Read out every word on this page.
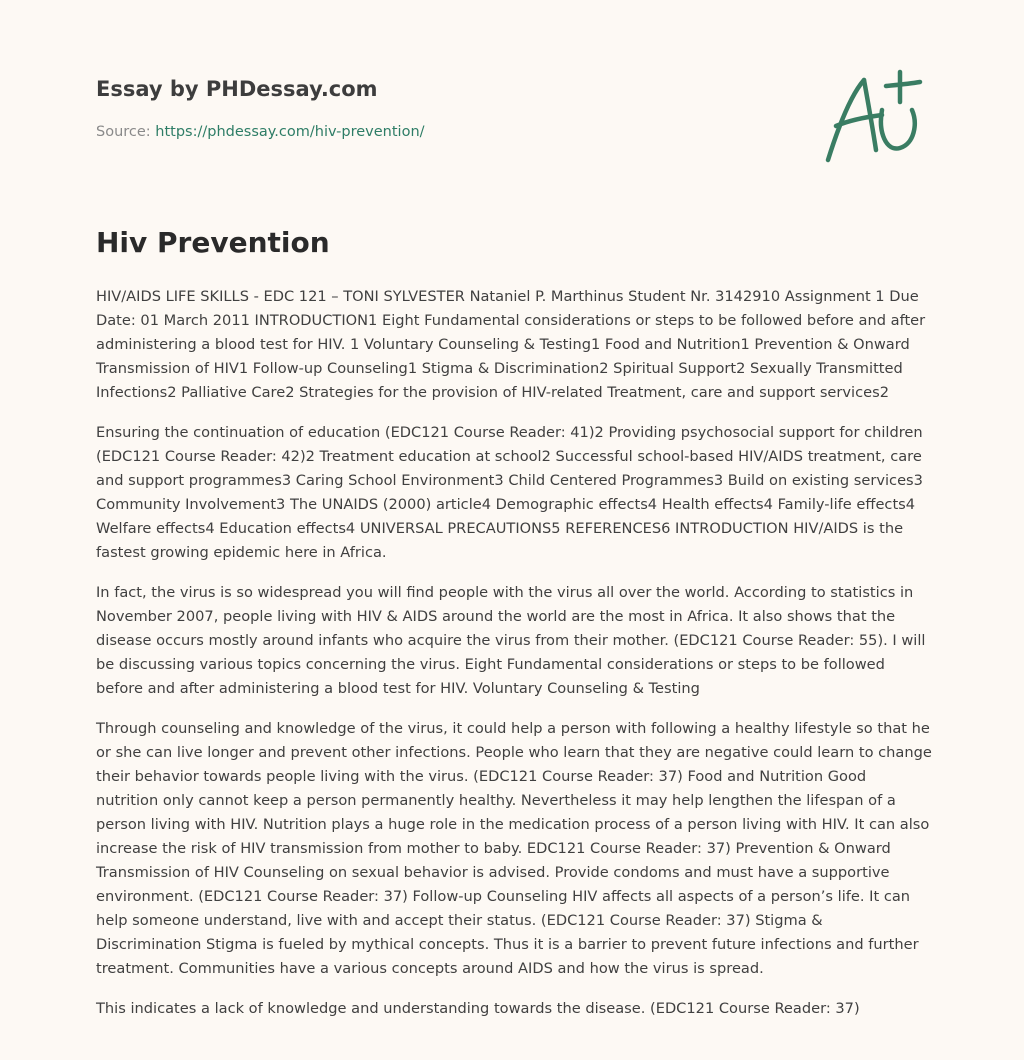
Essay by PHDessay.com
Source: https://phdessay.com/hiv-prevention/
Hiv Prevention

HIV/AIDS LIFE SKILLS - EDC 121 – TONI SYLVESTER Nataniel P. Marthinus Student Nr. 3142910 Assignment 1 Due Date: 01 March 2011 INTRODUCTION1 Eight Fundamental considerations or steps to be followed before and after administering a blood test for HIV. 1 Voluntary Counseling & Testing1 Food and Nutrition1 Prevention & Onward Transmission of HIV1 Follow-up Counseling1 Stigma & Discrimination2 Spiritual Support2 Sexually Transmitted Infections2 Palliative Care2 Strategies for the provision of HIV-related Treatment, care and support services2

Ensuring the continuation of education (EDC121 Course Reader: 41)2 Providing psychosocial support for children (EDC121 Course Reader: 42)2 Treatment education at school2 Successful school-based HIV/AIDS treatment, care and support programmes3 Caring School Environment3 Child Centered Programmes3 Build on existing services3 Community Involvement3 The UNAIDS (2000) article4 Demographic effects4 Health effects4 Family-life effects4 Welfare effects4 Education effects4 UNIVERSAL PRECAUTIONS5 REFERENCES6 INTRODUCTION HIV/AIDS is the fastest growing epidemic here in Africa.

In fact, the virus is so widespread you will find people with the virus all over the world. According to statistics in November 2007, people living with HIV & AIDS around the world are the most in Africa. It also shows that the disease occurs mostly around infants who acquire the virus from their mother. (EDC121 Course Reader: 55). I will be discussing various topics concerning the virus. Eight Fundamental considerations or steps to be followed before and after administering a blood test for HIV. Voluntary Counseling & Testing

Through counseling and knowledge of the virus, it could help a person with following a healthy lifestyle so that he or she can live longer and prevent other infections. People who learn that they are negative could learn to change their behavior towards people living with the virus. (EDC121 Course Reader: 37) Food and Nutrition Good nutrition only cannot keep a person permanently healthy. Nevertheless it may help lengthen the lifespan of a person living with HIV. Nutrition plays a huge role in the medication process of a person living with HIV. It can also increase the risk of HIV transmission from mother to baby. EDC121 Course Reader: 37) Prevention & Onward Transmission of HIV Counseling on sexual behavior is advised. Provide condoms and must have a supportive environment. (EDC121 Course Reader: 37) Follow-up Counseling HIV affects all aspects of a person’s life. It can help someone understand, live with and accept their status. (EDC121 Course Reader: 37) Stigma & Discrimination Stigma is fueled by mythical concepts. Thus it is a barrier to prevent future infections and further treatment. Communities have a various concepts around AIDS and how the virus is spread.

This indicates a lack of knowledge and understanding towards the disease. (EDC121 Course Reader: 37)
